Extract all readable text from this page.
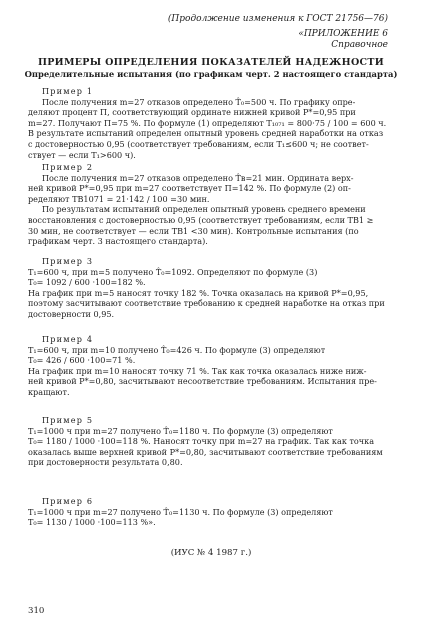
(Продолжение изменения к ГОСТ 21756—76)
«ПРИЛОЖЕНИЕ 6
Справочное
ПРИМЕРЫ ОПРЕДЕЛЕНИЯ ПОКАЗАТЕЛЕЙ НАДЕЖНОСТИ
Определительные испытания (по графикам черт. 2 настоящего стандарта)
Пример 1
После получения m=27 отказов определено T̂₀=500 ч. По графику опре-
деляют процент П, соответствующий ординате нижней кривой P*=0,95 при
m=27. Получают П=75 %. По формуле (1) определяют T₁₀₇₁ = 800·75 / 100 = 600 ч.
В результате испытаний определен опытный уровень средней наработки на отказ
с достоверностью 0,95 (соответствует требованиям, если T₁≤600 ч; не соответ-
ствует — если T₁>600 ч).
Пример 2
После получения m=27 отказов определено T̂в=21 мин. Ордината верх-
ней кривой P*=0,95 при m=27 соответствует П=142 %. По формуле (2) оп-
ределяют TB1071 = 21·142 / 100 =30 мин.
По результатам испытаний определен опытный уровень среднего времени
восстановления с достоверностью 0,95 (соответствует требованиям, если TB1 ≥
30 мин, не соответствует — если TB1 <30 мин). Контрольные испытания (по
графикам черт. 3 настоящего стандарта).
Пример 3
T₁=600 ч, при m=5 получено T̂₀=1092. Определяют по формуле (3)
T₀= 1092 / 600 ·100=182 %.
На график при m=5 наносят точку 182 %. Точка оказалась на кривой P*=0,95,
поэтому засчитывают соответствие требованию к средней наработке на отказ при
достоверности 0,95.
Пример 4
T₁=600 ч, при m=10 получено T̂₀=426 ч. По формуле (3) определяют
T₀= 426 / 600 ·100=71 %.
На график при m=10 наносят точку 71 %. Так как точка оказалась ниже ниж-
ней кривой P*=0,80, засчитывают несоответствие требованиям. Испытания пре-
кращают.
Пример 5
T₁=1000 ч при m=27 получено T̂₀=1180 ч. По формуле (3) определяют
T₀= 1180 / 1000 ·100=118 %. Наносят точку при m=27 на график. Так как точка
оказалась выше верхней кривой P*=0,80, засчитывают соответствие требованиям
при достоверности результата 0,80.
Пример 6
T₁=1000 ч при m=27 получено T̂₀=1130 ч. По формуле (3) определяют
T₀= 1130 / 1000 ·100=113 %».
(ИУС № 4 1987 г.)
310
